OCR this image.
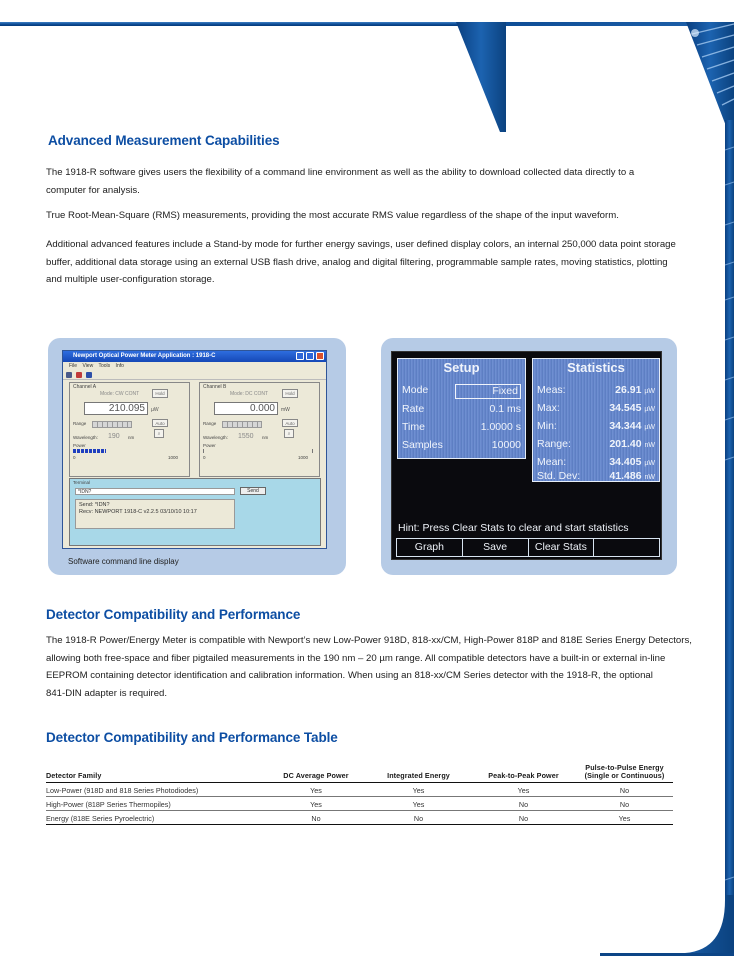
Advanced Measurement Capabilities

The 1918-R software gives users the flexibility of a command line environment as well as the ability to download collected data directly to a computer for analysis.

True Root-Mean-Square (RMS) measurements, providing the most accurate RMS value regardless of the shape of the input waveform.

Additional advanced features include a Stand-by mode for further energy savings, user defined display colors, an internal 250,000 data point storage buffer, additional data storage using an external USB flash drive, analog and digital filtering, programmable sample rates, moving statistics, plotting and multiple user-configuration storage.

Newport Optical Power Meter Application : 1918-C
File View Tools Info
Channel A
Mode: CW CONT	Hold
210.095	µW
Range	Auto
⌕
Wavelength: 190 nm
Power
0	1000
Channel B
Mode: DC CONT	Hold
0.000	mW
Range	Auto
⌕
Wavelength: 1550 nm
Power
0	1000
Terminal
*IDN?	Send
Send: *IDN?
Recv: NEWPORT 1918-C v2.2.5 03/10/10 10:17
Software command line display
Setup
Mode	Fixed
Rate	0.1 ms
Time	1.0000 s
Samples	10000
Statistics
Meas:	26.91 µW
Max:	34.545 µW
Min:	34.344 µW
Range:	201.40 nW
Mean:	34.405 µW
Std. Dev:	41.486 nW
Hint: Press Clear Stats to clear and start statistics
Graph	Save	Clear Stats
Detector Compatibility and Performance
The 1918-R Power/Energy Meter is compatible with Newport’s new Low-Power 918D, 818-xx/CM, High-Power 818P and 818E Series Energy Detectors,
allowing both free-space and fiber pigtailed measurements in the 190 nm – 20 µm range. All compatible detectors have a built-in or external in-line
EEPROM containing detector identification and calibration information. When using an 818-xx/CM Series detector with the 1918-R, the optional
841-DIN adapter is required.
Detector Compatibility and Performance Table
Detector Family	DC Average Power	Integrated Energy	Peak-to-Peak Power	Pulse-to-Pulse Energy
(Single or Continuous)

Low-Power (918D and 818 Series Photodiodes)	Yes	Yes	Yes	No
High-Power (818P Series Thermopiles)	Yes	Yes	No	No
Energy (818E Series Pyroelectric)	No	No	No	Yes
